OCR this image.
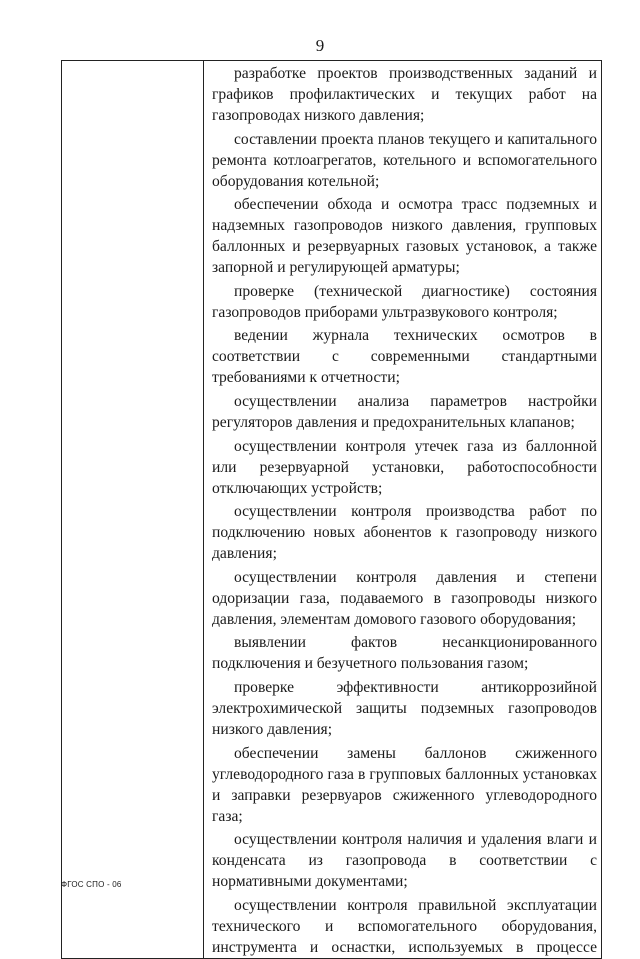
9

разработке проектов производственных заданий и графиков профилактических и текущих работ на газопроводах низкого давления;

составлении проекта планов текущего и капитального ремонта котлоагрегатов, котельного и вспомогательного оборудования котельной;

обеспечении обхода и осмотра трасс подземных и надземных газопроводов низкого давления, групповых баллонных и резервуарных газовых установок, а также запорной и регулирующей арматуры;

проверке (технической диагностике) состояния газопроводов приборами ультразвукового контроля;

ведении журнала технических осмотров в соответствии с современными стандартными требованиями к отчетности;

осуществлении анализа параметров настройки регуляторов давления и предохранительных клапанов;

осуществлении контроля утечек газа из баллонной или резервуарной установки, работоспособности отключающих устройств;

осуществлении контроля производства работ по подключению новых абонентов к газопроводу низкого давления;

осуществлении контроля давления и степени одоризации газа, подаваемого в газопроводы низкого давления, элементам домового газового оборудования;

выявлении фактов несанкционированного подключения и безучетного пользования газом;

проверке эффективности антикоррозийной электрохимической защиты подземных газопроводов низкого давления;

обеспечении замены баллонов сжиженного углеводородного газа в групповых баллонных установках и заправки резервуаров сжиженного углеводородного газа;

осуществлении контроля наличия и удаления влаги и конденсата из газопровода в соответствии с нормативными документами;

осуществлении контроля правильной эксплуатации технического и вспомогательного оборудования, инструмента и оснастки, используемых в процессе

ФГОС СПО - 06
